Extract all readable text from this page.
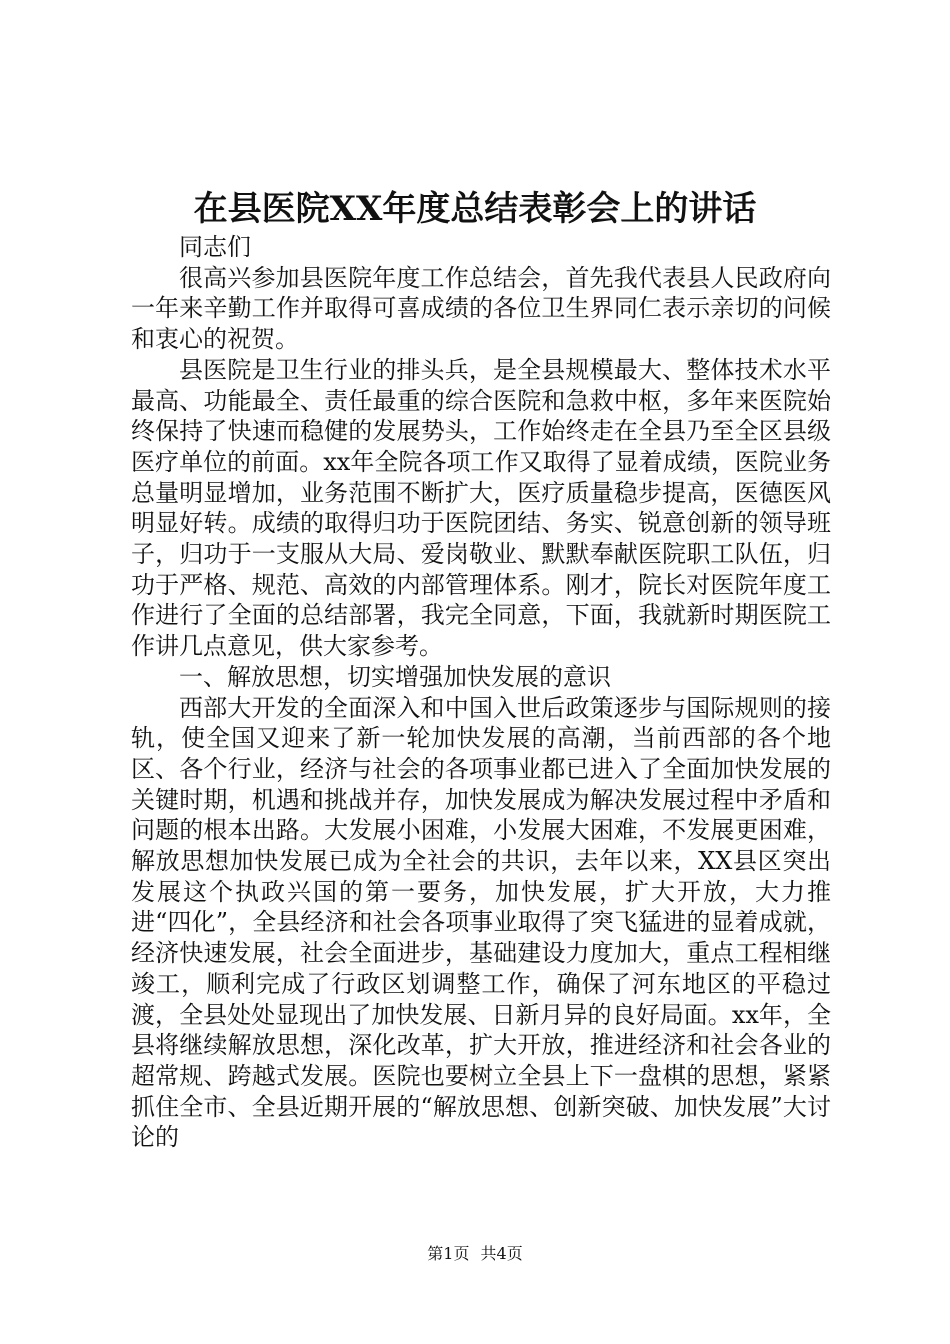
在县医院XX年度总结表彰会上的讲话

同志们

很高兴参加县医院年度工作总结会，首先我代表县人民政府向一年来辛勤工作并取得可喜成绩的各位卫生界同仁表示亲切的问候和衷心的祝贺。

县医院是卫生行业的排头兵，是全县规模最大、整体技术水平最高、功能最全、责任最重的综合医院和急救中枢，多年来医院始终保持了快速而稳健的发展势头，工作始终走在全县乃至全区县级医疗单位的前面。xx年全院各项工作又取得了显着成绩，医院业务总量明显增加，业务范围不断扩大，医疗质量稳步提高，医德医风明显好转。成绩的取得归功于医院团结、务实、锐意创新的领导班子，归功于一支服从大局、爱岗敬业、默默奉献医院职工队伍，归功于严格、规范、高效的内部管理体系。刚才，院长对医院年度工作进行了全面的总结部署，我完全同意，下面，我就新时期医院工作讲几点意见，供大家参考。

一、解放思想，切实增强加快发展的意识

西部大开发的全面深入和中国入世后政策逐步与国际规则的接轨，使全国又迎来了新一轮加快发展的高潮，当前西部的各个地区、各个行业，经济与社会的各项事业都已进入了全面加快发展的关键时期，机遇和挑战并存，加快发展成为解决发展过程中矛盾和问题的根本出路。大发展小困难，小发展大困难，不发展更困难，解放思想加快发展已成为全社会的共识，去年以来，XX县区突出发展这个执政兴国的第一要务，加快发展，扩大开放，大力推进“四化”，全县经济和社会各项事业取得了突飞猛进的显着成就，经济快速发展，社会全面进步，基础建设力度加大，重点工程相继竣工，顺利完成了行政区划调整工作，确保了河东地区的平稳过渡，全县处处显现出了加快发展、日新月异的良好局面。xx年，全县将继续解放思想，深化改革，扩大开放，推进经济和社会各业的超常规、跨越式发展。医院也要树立全县上下一盘棋的思想，紧紧抓住全市、全县近期开展的“解放思想、创新突破、加快发展”大讨论的

第1页 共4页
